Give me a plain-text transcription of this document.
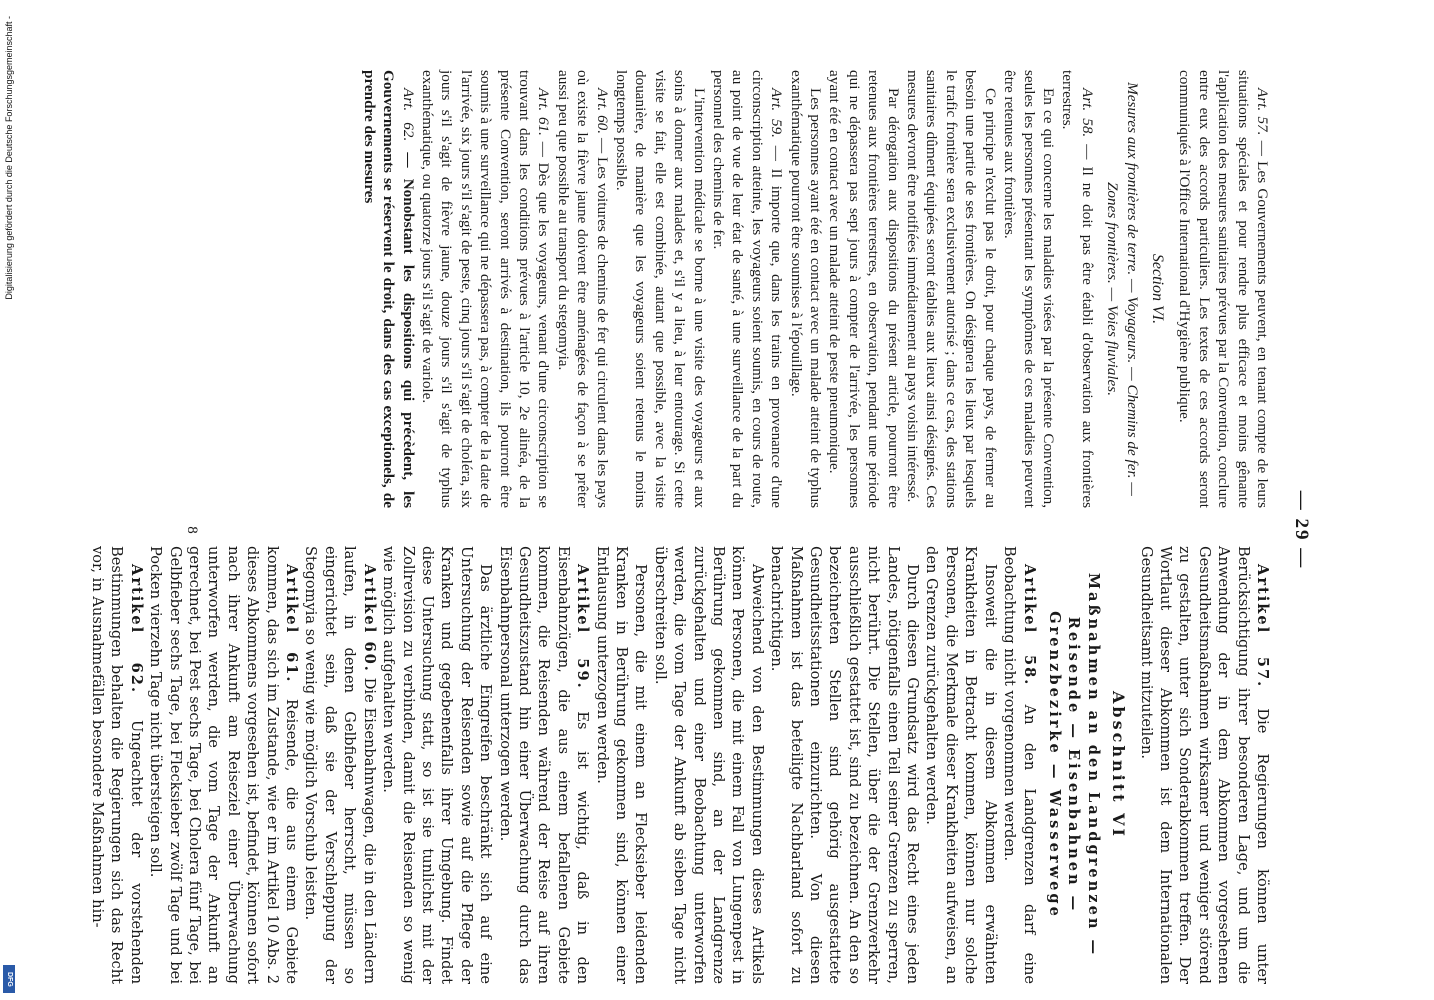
— 29 —

Art. 57. — Les Gouvernements peuvent, en tenant compte de leurs situations spéciales et pour rendre plus efficace et moins gênante l'application des mesures sanitaires prévues par la Convention, conclure entre eux des accords particuliers. Les textes de ces accords seront communiqués à l'Office International d'Hygiène publique.

Section VI.
Mesures aux frontières de terre. — Voyageurs. — Chemins de fer. — Zones frontières. — Voies fluviales.

Art. 58. — Il ne doit pas être établi d'observation aux frontières terrestres.

En ce qui concerne les maladies visées par la présente Convention, seules les personnes présentant les symptômes de ces maladies peuvent être retenues aux frontières.

Ce principe n'exclut pas le droit, pour chaque pays, de fermer au besoin une partie de ses frontières. On désignera les lieux par lesquels le trafic frontière sera exclusivement autorisé ; dans ce cas, des stations sanitaires dûment équipées seront établies aux lieux ainsi désignés. Ces mesures devront être notifiées immédiatement au pays voisin intéressé.

Par dérogation aux dispositions du présent article, pourront être retenues aux frontières terrestres, en observation, pendant une période qui ne dépassera pas sept jours à compter de l'arrivée, les personnes ayant été en contact avec un malade atteint de peste pneumonique.

Les personnes ayant été en contact avec un malade atteint de typhus exanthématique pourront être soumises à l'épouillage.

Art. 59. — Il importe que, dans les trains en provenance d'une circonscription atteinte, les voyageurs soient soumis, en cours de route, au point de vue de leur état de santé, à une surveillance de la part du personnel des chemins de fer.

L'intervention médicale se borne à une visite des voyageurs et aux soins à donner aux malades et, s'il y a lieu, à leur entourage. Si cette visite se fait, elle est combinée, autant que possible, avec la visite douanière, de manière que les voyageurs soient retenus le moins longtemps possible.

Art. 60. — Les voitures de chemins de fer qui circulent dans les pays où existe la fièvre jaune doivent être aménagées de façon à se prêter aussi peu que possible au transport du stegomyia.

Art. 61. — Dès que les voyageurs, venant d'une circonscription se trouvant dans les conditions prévues à l'article 10, 2e alinéa, de la présente Convention, seront arrivés à destination, ils pourront être soumis à une surveillance qui ne dépassera pas, à compter de la date de l'arrivée, six jours s'il s'agit de peste, cinq jours s'il s'agit de choléra, six jours s'il s'agit de fièvre jaune, douze jours s'il s'agit de typhus exanthématique, ou quatorze jours s'il s'agit de variole.

Art. 62. — Nonobstant les dispositions qui précèdent, les Gouvernements se réservent le droit, dans des cas exceptionels, de prendre des mesures

Artikel 57. Die Regierungen können unter Berücksichtigung ihrer besonderen Lage, und um die Anwendung der in dem Abkommen vorgesehenen Gesundheitsmaßnahmen wirksamer und weniger störend zu gestalten, unter sich Sonderabkommen treffen. Der Wortlaut dieser Abkommen ist dem Internationalen Gesundheitsamt mitzuteilen.

Abschnitt VI
Maßnahmen an den Landgrenzen — Reisende — Eisenbahnen — Grenzbezirke — Wasserwege

Artikel 58. An den Landgrenzen darf eine Beobachtung nicht vorgenommen werden.

Insoweit die in diesem Abkommen erwähnten Krankheiten in Betracht kommen, können nur solche Personen, die Merkmale dieser Krankheiten aufweisen, an den Grenzen zurückgehalten werden.

Durch diesen Grundsatz wird das Recht eines jeden Landes, nötigenfalls einen Teil seiner Grenzen zu sperren, nicht berührt. Die Stellen, über die der Grenzverkehr ausschließlich gestattet ist, sind zu bezeichnen. An den so bezeichneten Stellen sind gehörig ausgestattete Gesundheitsstationen einzurichten. Von diesen Maßnahmen ist das beteiligte Nachbarland sofort zu benachrichtigen.

Abweichend von den Bestimmungen dieses Artikels können Personen, die mit einem Fall von Lungenpest in Berührung gekommen sind, an der Landgrenze zurückgehalten und einer Beobachtung unterworfen werden, die vom Tage der Ankunft ab sieben Tage nicht überschreiten soll.

Personen, die mit einem an Flecksieber leidenden Kranken in Berührung gekommen sind, können einer Entlausung unterzogen werden.

Artikel 59. Es ist wichtig, daß in den Eisenbahnzügen, die aus einem befallenen Gebiete kommen, die Reisenden während der Reise auf ihren Gesundheitszustand hin einer Überwachung durch das Eisenbahnpersonal unterzogen werden.

Das ärztliche Eingreifen beschränkt sich auf eine Untersuchung der Reisenden sowie auf die Pflege der Kranken und gegebenenfalls ihrer Umgebung. Findet diese Untersuchung statt, so ist sie tunlichst mit der Zollrevision zu verbinden, damit die Reisenden so wenig wie möglich aufgehalten werden.

Artikel 60. Die Eisenbahnwagen, die in den Ländern laufen, in denen Gelbfieber herrscht, müssen so eingerichtet sein, daß sie der Verschleppung der Stegomyia so wenig wie möglich Vorschub leisten.

Artikel 61. Reisende, die aus einem Gebiete kommen, das sich im Zustande, wie er im Artikel 10 Abs. 2 dieses Abkommens vorgesehen ist, befindet, können sofort nach ihrer Ankunft am Reiseziel einer Überwachung unterworfen werden, die vom Tage der Ankunft an gerechnet, bei Pest sechs Tage, bei Cholera fünf Tage, bei Gelbfieber sechs Tage, bei Flecksieber zwölf Tage und bei Pocken vierzehn Tage nicht übersteigen soll.

Artikel 62. Ungeachtet der vorstehenden Bestimmungen behalten die Regierungen sich das Recht vor, in Ausnahmefällen besondere Maßnahmen hin-

8
Digitalisierung gefördert durch die Deutsche Forschungsgemeinschaft -
DFG
